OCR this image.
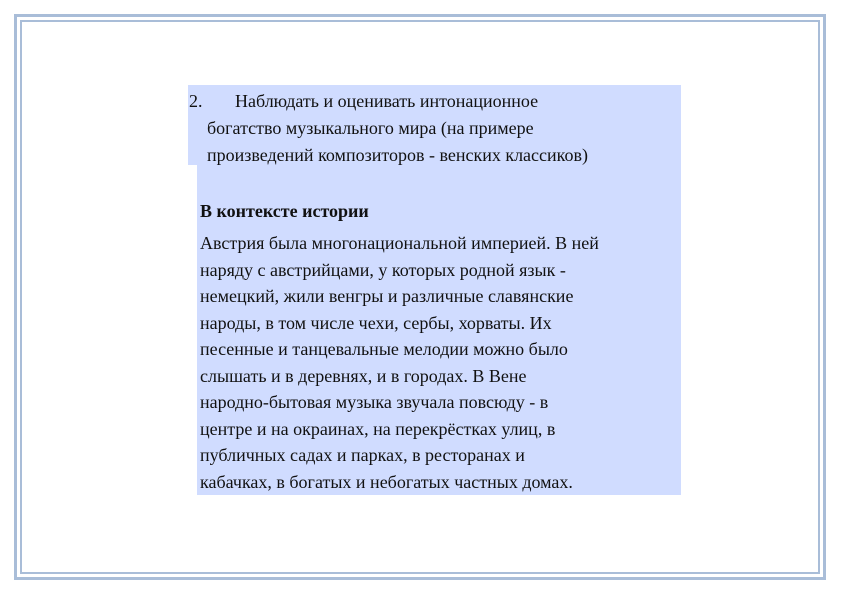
2.	Наблюдать и оценивать интонационное
богатство музыкального мира (на примере
произведений композиторов - венских классиков)
В контексте истории
Австрия была многонациональной империей. В ней
наряду с австрийцами, у которых родной язык -
немецкий, жили венгры и различные славянские
народы, в том числе чехи, сербы, хорваты. Их
песенные и танцевальные мелодии можно было
слышать и в деревнях, и в городах. В Вене
народно-бытовая музыка звучала повсюду - в
центре и на окраинах, на перекрёстках улиц, в
публичных садах и парках, в ресторанах и
кабачках, в богатых и небогатых частных домах.
